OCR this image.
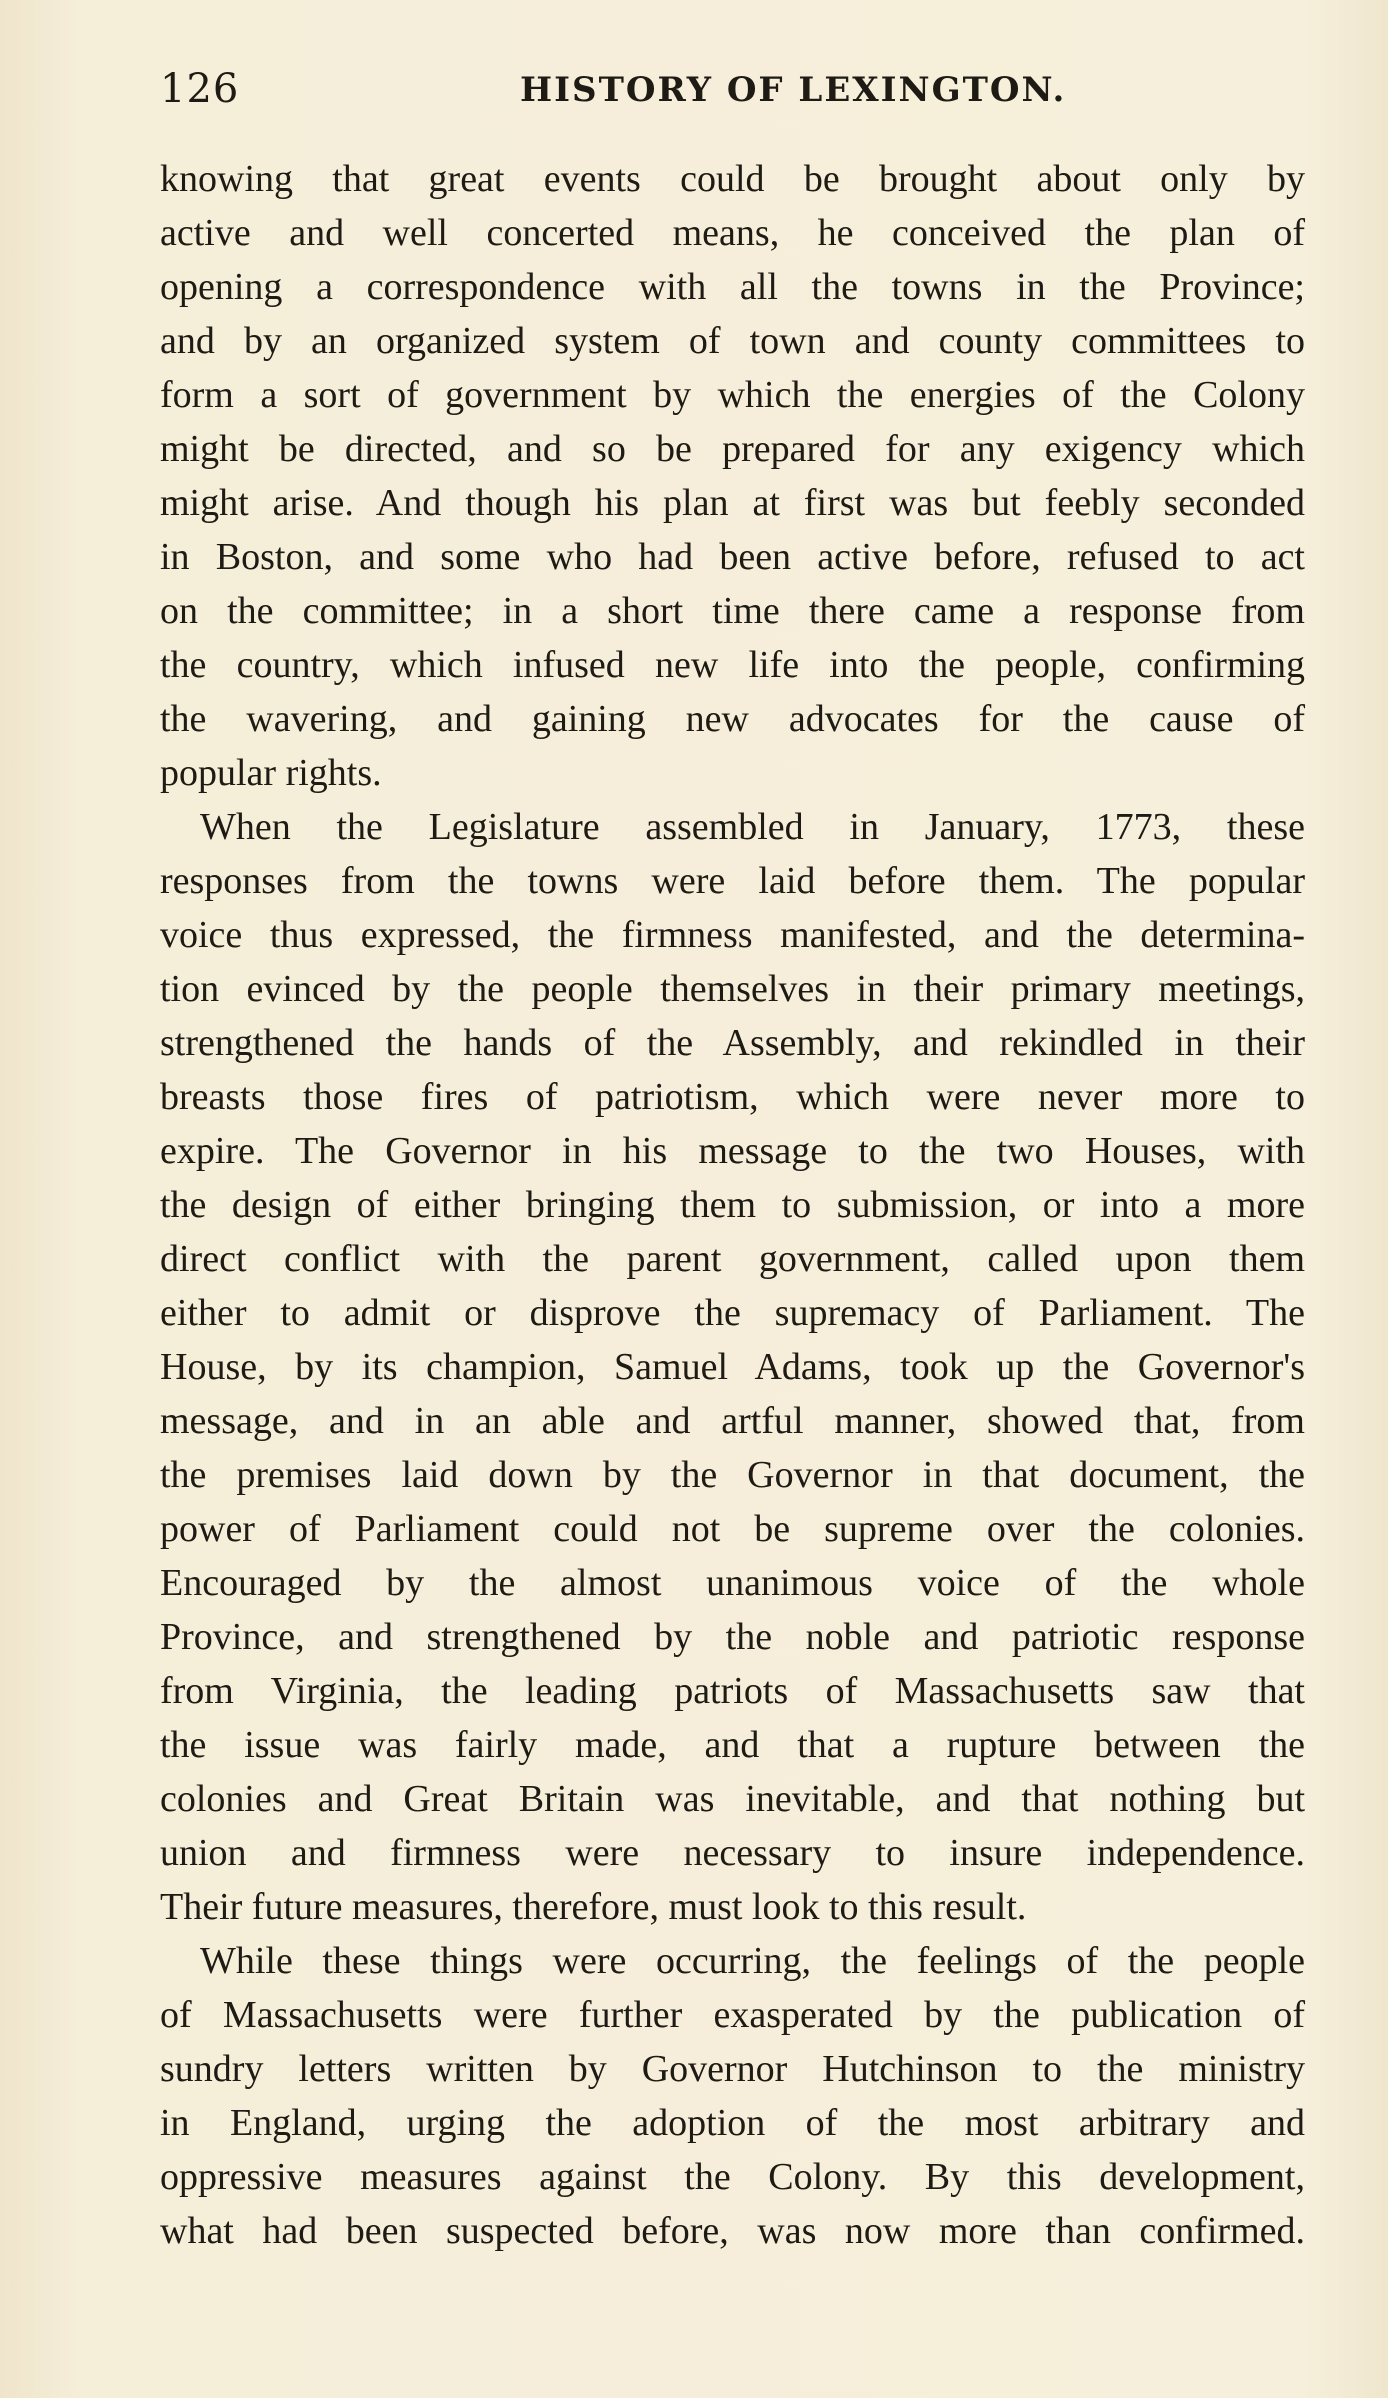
126	HISTORY OF LEXINGTON.
knowing that great events could be brought about only by
active and well concerted means, he conceived the plan of
opening a correspondence with all the towns in the Province;
and by an organized system of town and county committees to
form a sort of government by which the energies of the Colony
might be directed, and so be prepared for any exigency which
might arise. And though his plan at first was but feebly seconded
in Boston, and some who had been active before, refused to act
on the committee; in a short time there came a response from
the country, which infused new life into the people, confirming
the wavering, and gaining new advocates for the cause of
popular rights.
When the Legislature assembled in January, 1773, these
responses from the towns were laid before them. The popular
voice thus expressed, the firmness manifested, and the determina-
tion evinced by the people themselves in their primary meetings,
strengthened the hands of the Assembly, and rekindled in their
breasts those fires of patriotism, which were never more to
expire. The Governor in his message to the two Houses, with
the design of either bringing them to submission, or into a more
direct conflict with the parent government, called upon them
either to admit or disprove the supremacy of Parliament. The
House, by its champion, Samuel Adams, took up the Governor's
message, and in an able and artful manner, showed that, from
the premises laid down by the Governor in that document, the
power of Parliament could not be supreme over the colonies.
Encouraged by the almost unanimous voice of the whole
Province, and strengthened by the noble and patriotic response
from Virginia, the leading patriots of Massachusetts saw that
the issue was fairly made, and that a rupture between the
colonies and Great Britain was inevitable, and that nothing but
union and firmness were necessary to insure independence.
Their future measures, therefore, must look to this result.
While these things were occurring, the feelings of the people
of Massachusetts were further exasperated by the publication of
sundry letters written by Governor Hutchinson to the ministry
in England, urging the adoption of the most arbitrary and
oppressive measures against the Colony. By this development,
what had been suspected before, was now more than confirmed.
